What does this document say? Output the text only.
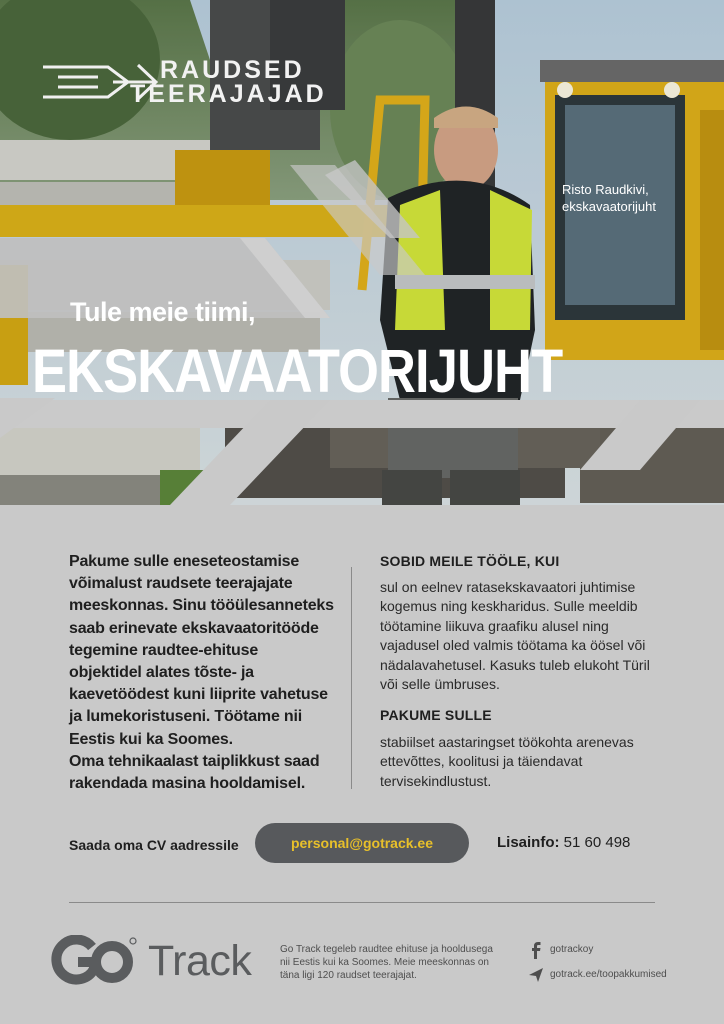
RAUDSED
TEERAJAJAD
Risto Raudkivi,
ekskavaatorijuht
Tule meie tiimi,
EKSKAVAATORIJUHT
Pakume sulle eneseteostamise
võimalust raudsete teerajajate
meeskonnas. Sinu tööülesanneteks
saab erinevate ekskavaatoritööde
tegemine raudtee-ehituse
objektidel alates tõste- ja
kaevetöödest kuni liiprite vahetuse
ja lumekoristuseni. Töötame nii
Eestis kui ka Soomes.
Oma tehnikaalast taiplikkust saad
rakendada masina hooldamisel.
SOBID MEILE TÖÖLE, KUI
sul on eelnev ratasekskavaatori juhtimise
kogemus ning keskharidus. Sulle meeldib
töötamine liikuva graafiku alusel ning
vajadusel oled valmis töötama ka öösel või
nädalavahetusel. Kasuks tuleb elukoht Türil
või selle ümbruses.
PAKUME SULLE
stabiilset aastaringset töökohta arenevas
ettevõttes, koolitusi ja täiendavat
tervisekindlustust.
Saada oma CV aadressile	personal@gotrack.ee	Lisainfo: 51 60 498
Track	Go Track tegeleb raudtee ehituse ja hooldusega
nii Eestis kui ka Soomes. Meie meeskonnas on
täna ligi 120 raudset teerajajat.
gotrackoy
gotrack.ee/toopakkumised
